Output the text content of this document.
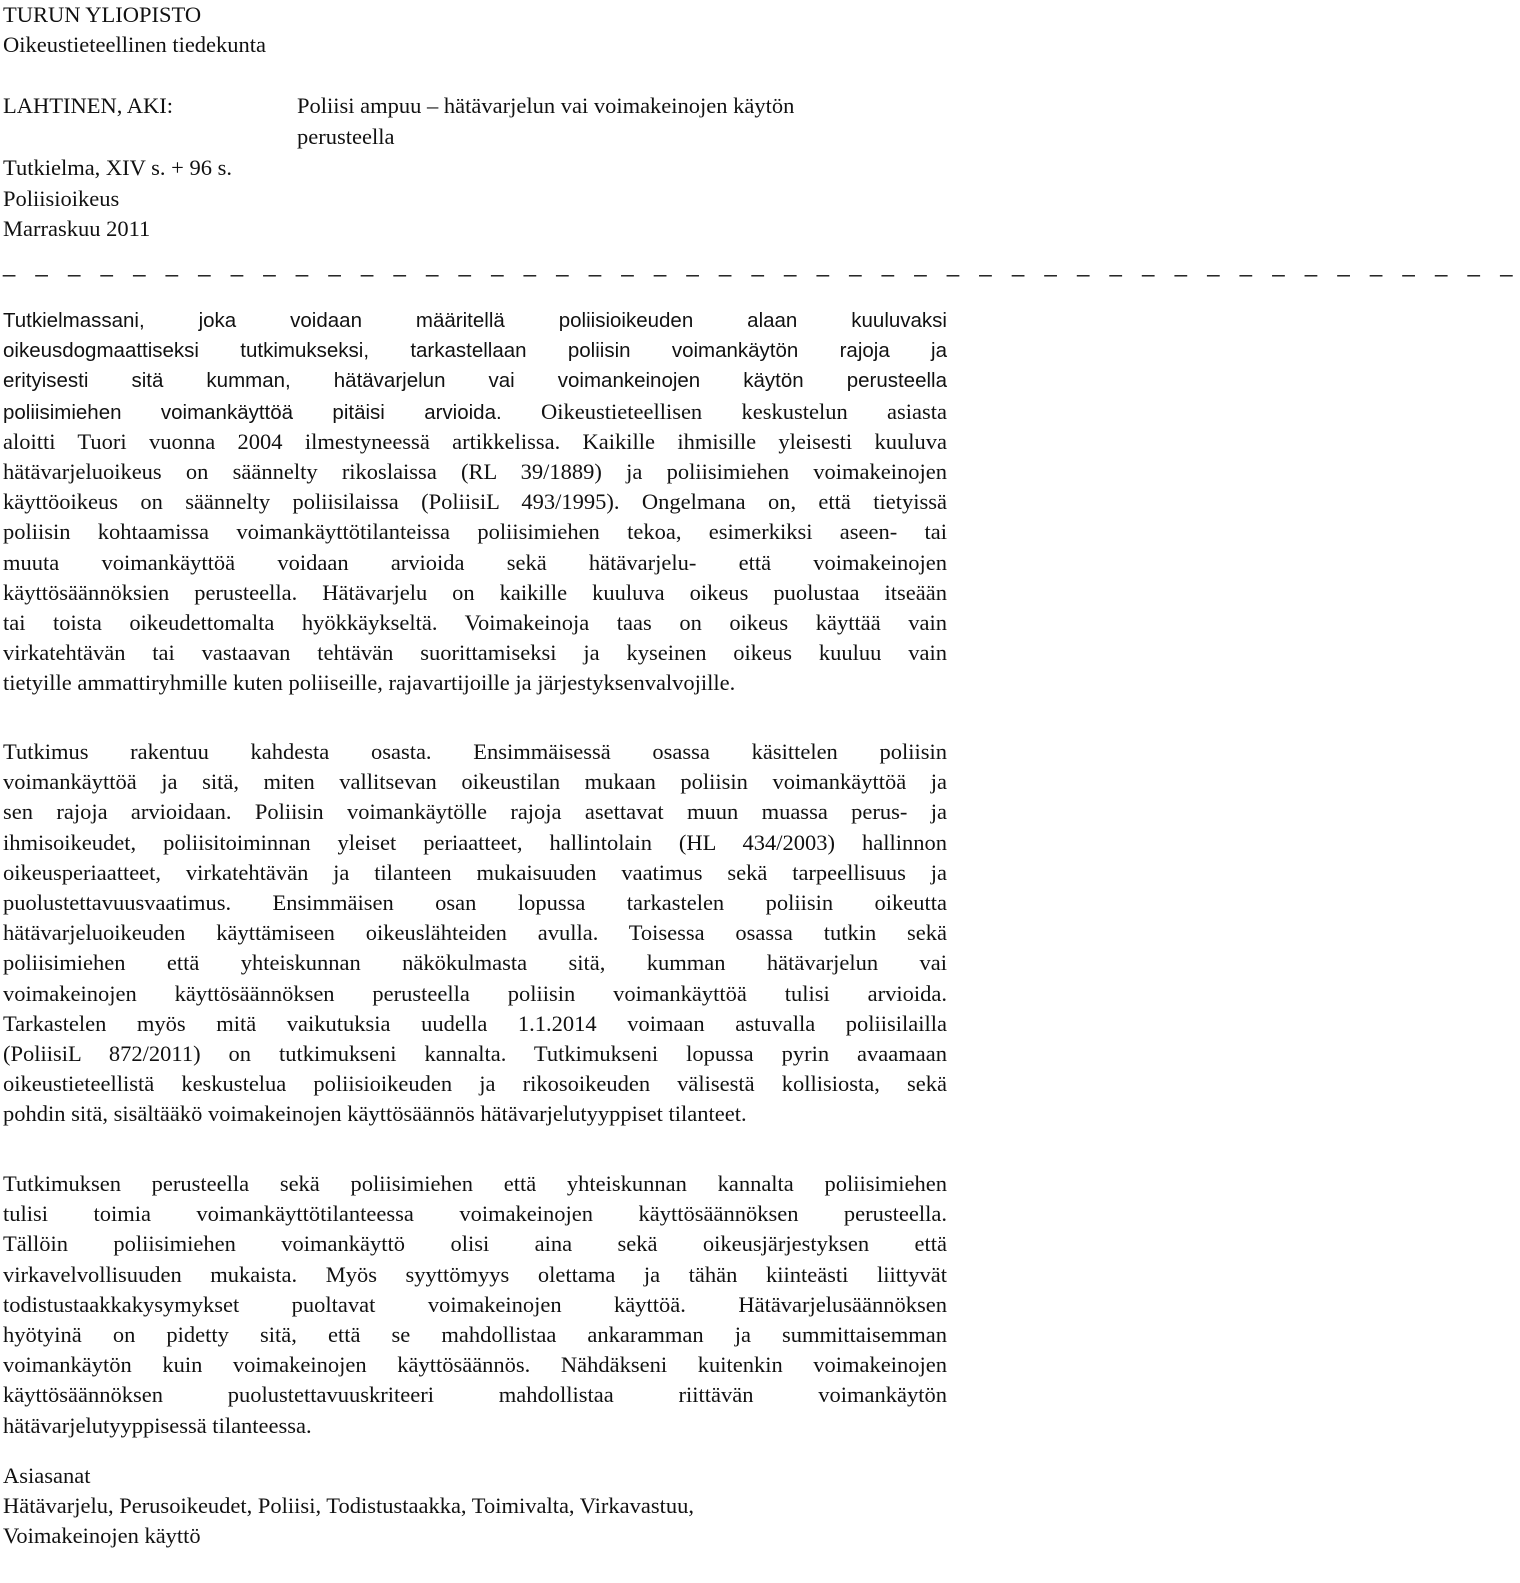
TURUN YLIOPISTO
Oikeustieteellinen tiedekunta
LAHTINEN, AKI:	Poliisi ampuu – hätävarjelun vai voimakeinojen käytön
perusteella
Tutkielma, XIV s. + 96 s.
Poliisioikeus
Marraskuu 2011
_ _ _ _ _ _ _ _ _ _ _ _ _ _ _ _ _ _ _ _ _ _ _ _ _ _ _ _ _ _ _ _ _ _ _ _ _ _ _ _ _ _ _ _ _ _ _
Tutkielmassani, joka voidaan määritellä poliisioikeuden alaan kuuluvaksi
oikeusdogmaattiseksi tutkimukseksi, tarkastellaan poliisin voimankäytön rajoja ja
erityisesti sitä kumman, hätävarjelun vai voimankeinojen käytön perusteella
poliisimiehen voimankäyttöä pitäisi arvioida. Oikeustieteellisen keskustelun asiasta
aloitti Tuori vuonna 2004 ilmestyneessä artikkelissa. Kaikille ihmisille yleisesti kuuluva
hätävarjeluoikeus on säännelty rikoslaissa (RL 39/1889) ja poliisimiehen voimakeinojen
käyttöoikeus on säännelty poliisilaissa (PoliisiL 493/1995). Ongelmana on, että tietyissä
poliisin kohtaamissa voimankäyttötilanteissa poliisimiehen tekoa, esimerkiksi aseen- tai
muuta voimankäyttöä voidaan arvioida sekä hätävarjelu- että voimakeinojen
käyttösäännöksien perusteella. Hätävarjelu on kaikille kuuluva oikeus puolustaa itseään
tai toista oikeudettomalta hyökkäykseltä. Voimakeinoja taas on oikeus käyttää vain
virkatehtävän tai vastaavan tehtävän suorittamiseksi ja kyseinen oikeus kuuluu vain
tietyille ammattiryhmille kuten poliiseille, rajavartijoille ja järjestyksenvalvojille.
Tutkimus rakentuu kahdesta osasta. Ensimmäisessä osassa käsittelen poliisin
voimankäyttöä ja sitä, miten vallitsevan oikeustilan mukaan poliisin voimankäyttöä ja
sen rajoja arvioidaan. Poliisin voimankäytölle rajoja asettavat muun muassa perus- ja
ihmisoikeudet, poliisitoiminnan yleiset periaatteet, hallintolain (HL 434/2003) hallinnon
oikeusperiaatteet, virkatehtävän ja tilanteen mukaisuuden vaatimus sekä tarpeellisuus ja
puolustettavuusvaatimus. Ensimmäisen osan lopussa tarkastelen poliisin oikeutta
hätävarjeluoikeuden käyttämiseen oikeuslähteiden avulla. Toisessa osassa tutkin sekä
poliisimiehen että yhteiskunnan näkökulmasta sitä, kumman hätävarjelun vai
voimakeinojen käyttösäännöksen perusteella poliisin voimankäyttöä tulisi arvioida.
Tarkastelen myös mitä vaikutuksia uudella 1.1.2014 voimaan astuvalla poliisilailla
(PoliisiL 872/2011) on tutkimukseni kannalta. Tutkimukseni lopussa pyrin avaamaan
oikeustieteellistä keskustelua poliisioikeuden ja rikosoikeuden välisestä kollisiosta, sekä
pohdin sitä, sisältääkö voimakeinojen käyttösäännös hätävarjelutyyppiset tilanteet.
Tutkimuksen perusteella sekä poliisimiehen että yhteiskunnan kannalta poliisimiehen
tulisi toimia voimankäyttötilanteessa voimakeinojen käyttösäännöksen perusteella.
Tällöin poliisimiehen voimankäyttö olisi aina sekä oikeusjärjestyksen että
virkavelvollisuuden mukaista. Myös syyttömyys olettama ja tähän kiinteästi liittyvät
todistustaakkakysymykset puoltavat voimakeinojen käyttöä. Hätävarjelusäännöksen
hyötyinä on pidetty sitä, että se mahdollistaa ankaramman ja summittaisemman
voimankäytön kuin voimakeinojen käyttösäännös. Nähdäkseni kuitenkin voimakeinojen
käyttösäännöksen puolustettavuuskriteeri mahdollistaa riittävän voimankäytön
hätävarjelutyyppisessä tilanteessa.
Asiasanat
Hätävarjelu, Perusoikeudet, Poliisi, Todistustaakka, Toimivalta, Virkavastuu,
Voimakeinojen käyttö
